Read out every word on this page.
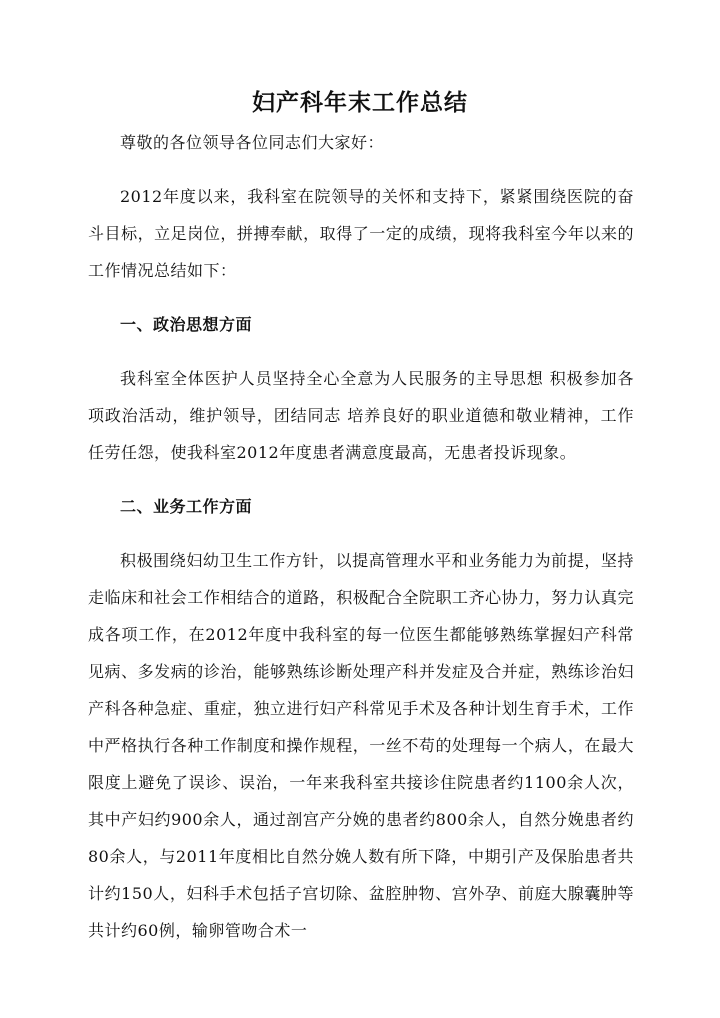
妇产科年末工作总结

尊敬的各位领导各位同志们大家好：

2012年度以来，我科室在院领导的关怀和支持下，紧紧围绕医院的奋斗目标，立足岗位，拼搏奉献，取得了一定的成绩，现将我科室今年以来的工作情况总结如下：

一、政治思想方面

我科室全体医护人员坚持全心全意为人民服务的主导思想 积极参加各项政治活动，维护领导，团结同志 培养良好的职业道德和敬业精神，工作任劳任怨，使我科室2012年度患者满意度最高，无患者投诉现象。

二、业务工作方面

积极围绕妇幼卫生工作方针，以提高管理水平和业务能力为前提，坚持走临床和社会工作相结合的道路，积极配合全院职工齐心协力，努力认真完成各项工作，在2012年度中我科室的每一位医生都能够熟练掌握妇产科常见病、多发病的诊治，能够熟练诊断处理产科并发症及合并症，熟练诊治妇产科各种急症、重症，独立进行妇产科常见手术及各种计划生育手术，工作中严格执行各种工作制度和操作规程，一丝不苟的处理每一个病人，在最大限度上避免了误诊、误治，一年来我科室共接诊住院患者约1100余人次，其中产妇约900余人，通过剖宫产分娩的患者约800余人，自然分娩患者约80余人，与2011年度相比自然分娩人数有所下降，中期引产及保胎患者共计约150人，妇科手术包括子宫切除、盆腔肿物、宫外孕、前庭大腺囊肿等共计约60例，输卵管吻合术一
